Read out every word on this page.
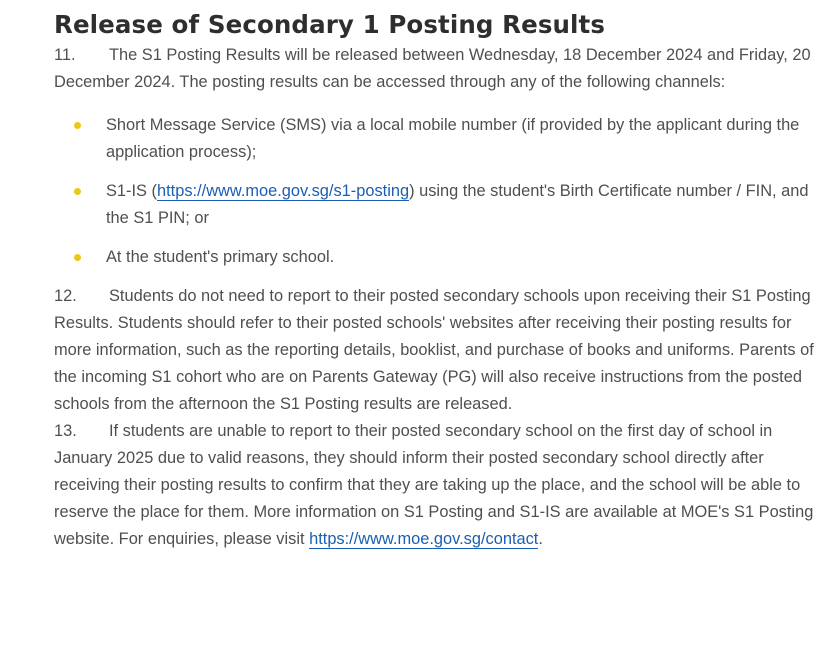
Release of Secondary 1 Posting Results

11. The S1 Posting Results will be released between Wednesday, 18 December 2024 and Friday, 20 December 2024. The posting results can be accessed through any of the following channels:

Short Message Service (SMS) via a local mobile number (if provided by the applicant during the application process);
S1-IS (https://www.moe.gov.sg/s1-posting) using the student's Birth Certificate number / FIN, and the S1 PIN; or
At the student's primary school.

12. Students do not need to report to their posted secondary schools upon receiving their S1 Posting Results. Students should refer to their posted schools' websites after receiving their posting results for more information, such as the reporting details, booklist, and purchase of books and uniforms. Parents of the incoming S1 cohort who are on Parents Gateway (PG) will also receive instructions from the posted schools from the afternoon the S1 Posting results are released.

13. If students are unable to report to their posted secondary school on the first day of school in January 2025 due to valid reasons, they should inform their posted secondary school directly after receiving their posting results to confirm that they are taking up the place, and the school will be able to reserve the place for them. More information on S1 Posting and S1-IS are available at MOE's S1 Posting website. For enquiries, please visit https://www.moe.gov.sg/contact.
